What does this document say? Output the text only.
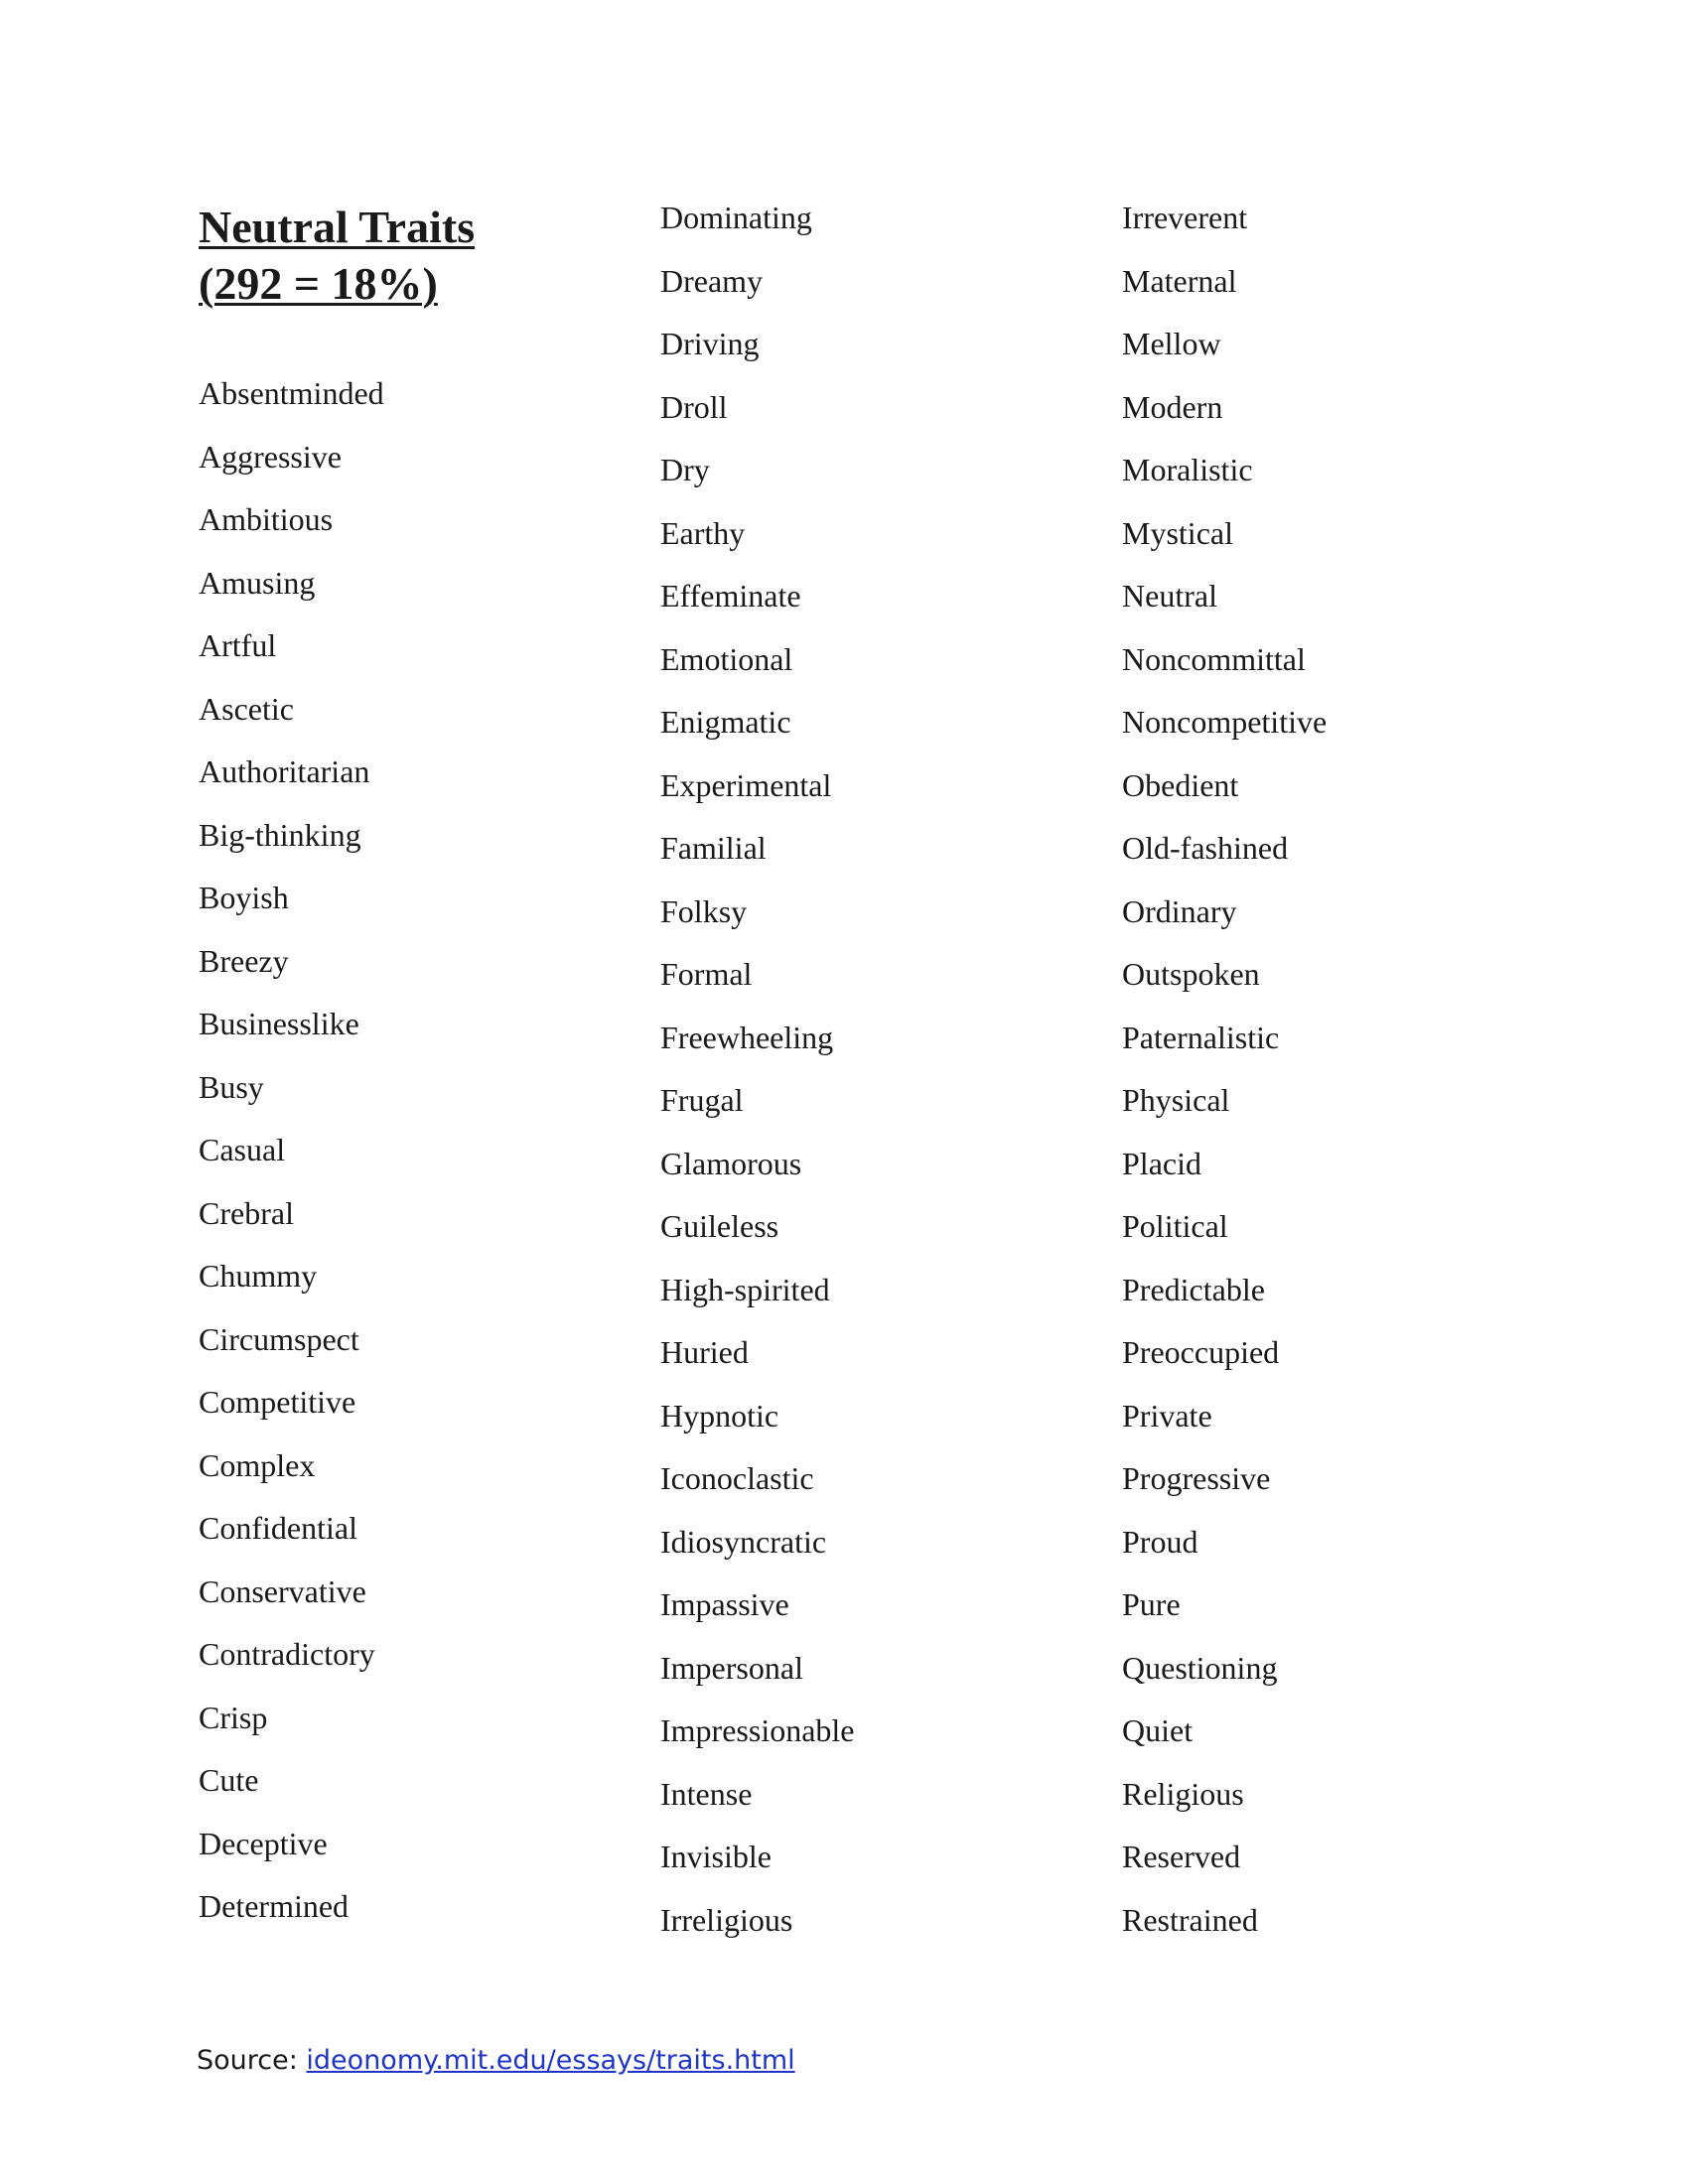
Neutral Traits
(292 = 18%)
Absentminded
Aggressive
Ambitious
Amusing
Artful
Ascetic
Authoritarian
Big-thinking
Boyish
Breezy
Businesslike
Busy
Casual
Crebral
Chummy
Circumspect
Competitive
Complex
Confidential
Conservative
Contradictory
Crisp
Cute
Deceptive
Determined
Dominating
Dreamy
Driving
Droll
Dry
Earthy
Effeminate
Emotional
Enigmatic
Experimental
Familial
Folksy
Formal
Freewheeling
Frugal
Glamorous
Guileless
High-spirited
Huried
Hypnotic
Iconoclastic
Idiosyncratic
Impassive
Impersonal
Impressionable
Intense
Invisible
Irreligious
Irreverent
Maternal
Mellow
Modern
Moralistic
Mystical
Neutral
Noncommittal
Noncompetitive
Obedient
Old-fashined
Ordinary
Outspoken
Paternalistic
Physical
Placid
Political
Predictable
Preoccupied
Private
Progressive
Proud
Pure
Questioning
Quiet
Religious
Reserved
Restrained

Source: ideonomy.mit.edu/essays/traits.html
